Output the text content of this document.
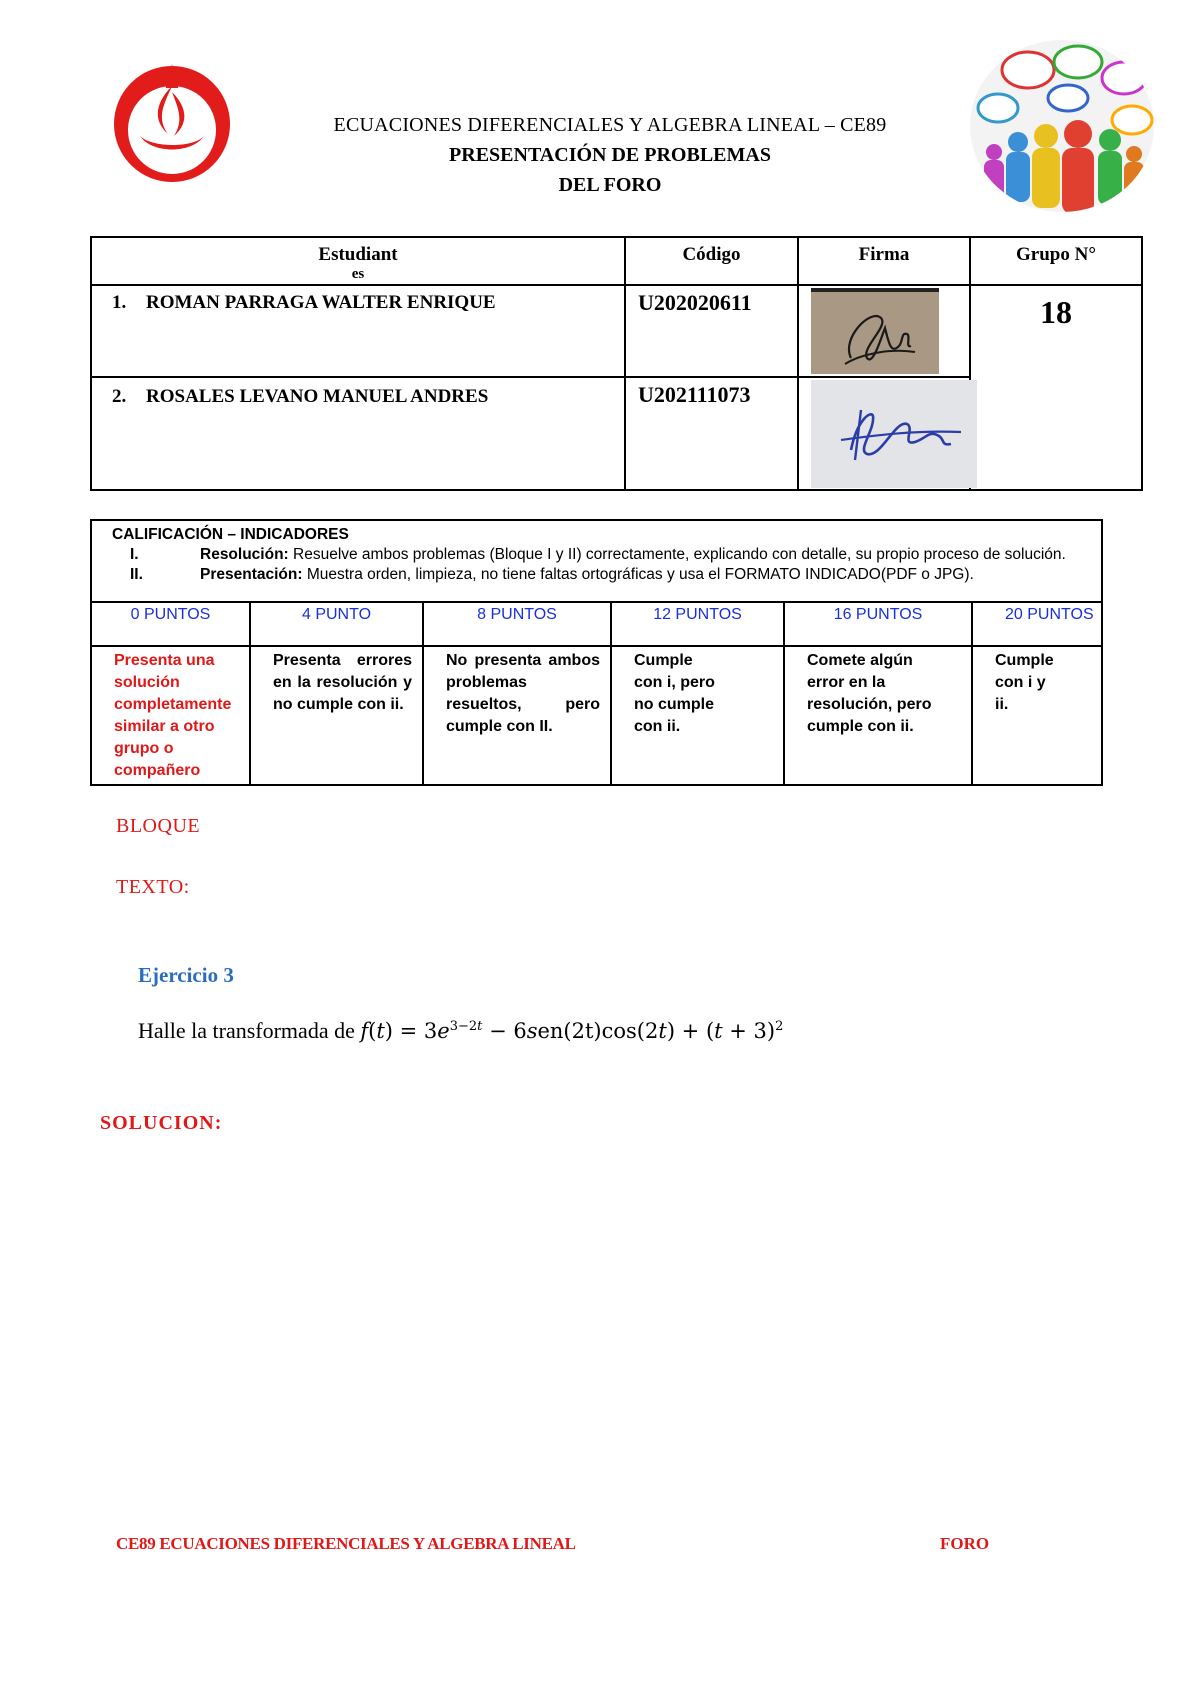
ECUACIONES DIFERENCIALES Y ALGEBRA LINEAL – CE89
PRESENTACIÓN DE PROBLEMAS
DEL FORO
Estudiant
es	Código	Firma	Grupo N°
1. ROMAN PARRAGA WALTER ENRIQUE	U202020611		18
2. ROSALES LEVANO MANUEL ANDRES	U202111073	
CALIFICACIÓN – INDICADORES
I. Resolución: Resuelve ambos problemas (Bloque I y II) correctamente, explicando con detalle, su propio proceso de solución.
II. Presentación: Muestra orden, limpieza, no tiene faltas ortográficas y usa el FORMATO INDICADO(PDF o JPG).					

0 PUNTOS	4 PUNTO	8 PUNTOS	12 PUNTOS	16 PUNTOS	20 PUNTOS
Presenta una solución completamente similar a otro grupo o compañero	Presenta errores en la resolución y no cumple con ii.	No presenta ambos problemas resueltos, pero cumple con II.	Cumple con i, pero no cumple con ii.	Comete algún error en la resolución, pero cumple con ii.	Cumple con i y ii.
BLOQUE
TEXTO:
Ejercicio 3
Halle la transformada de $f(t) = 3e^{3-2t} - 6sen(2t)\cos(2t) + (t + 3)^2$
SOLUCION:
CE89 ECUACIONES DIFERENCIALES Y ALGEBRA LINEAL	FORO
